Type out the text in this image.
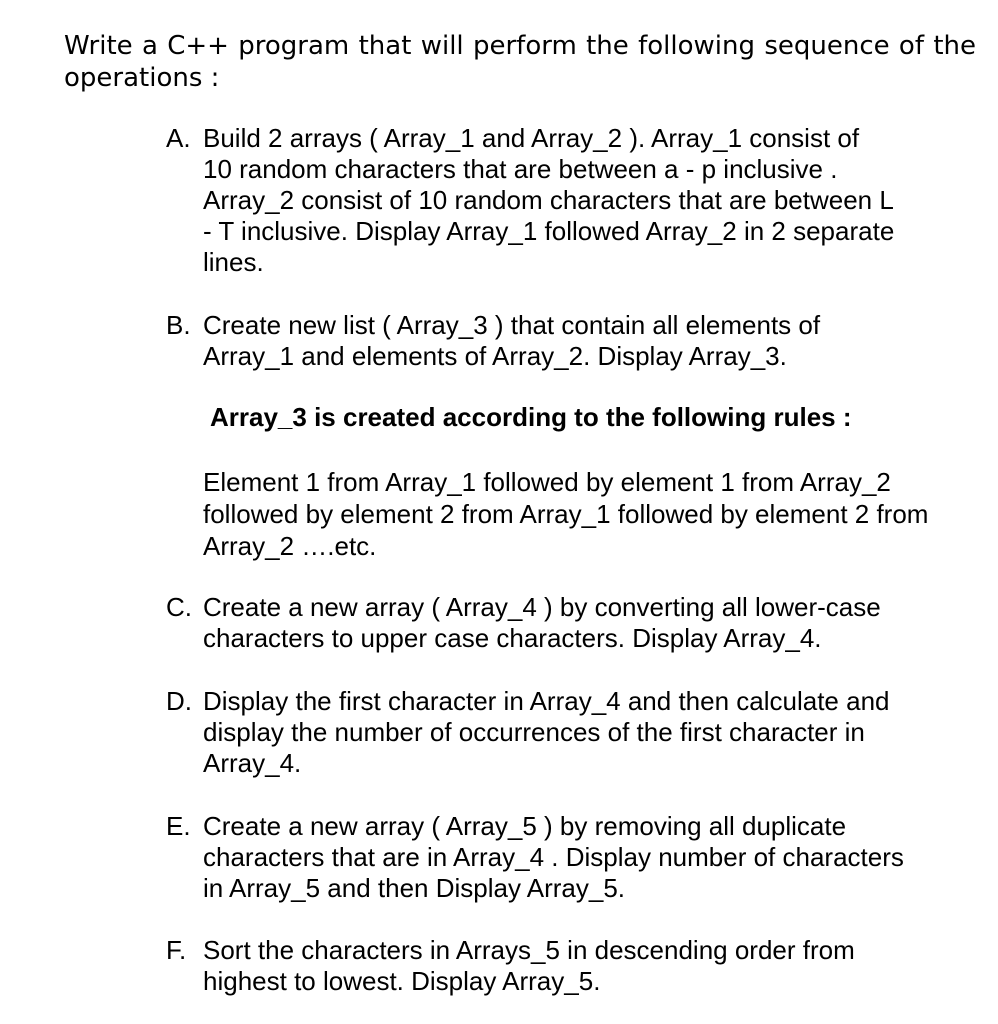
Write a C++ program that will perform the following sequence of the
operations :
A. Build 2 arrays ( Array_1 and Array_2 ). Array_1 consist of
10 random characters that are between a - p inclusive .
Array_2 consist of 10 random characters that are between L
- T inclusive. Display Array_1 followed Array_2 in 2 separate
lines.
B. Create new list ( Array_3 ) that contain all elements of
Array_1 and elements of Array_2. Display Array_3.
Array_3 is created according to the following rules :
Element 1 from Array_1 followed by element 1 from Array_2
followed by element 2 from Array_1 followed by element 2 from
Array_2 ….etc.
C. Create a new array ( Array_4 ) by converting all lower-case
characters to upper case characters. Display Array_4.
D. Display the first character in Array_4 and then calculate and
display the number of occurrences of the first character in
Array_4.
E. Create a new array ( Array_5 ) by removing all duplicate
characters that are in Array_4 . Display number of characters
in Array_5 and then Display Array_5.
F. Sort the characters in Arrays_5 in descending order from
highest to lowest. Display Array_5.
